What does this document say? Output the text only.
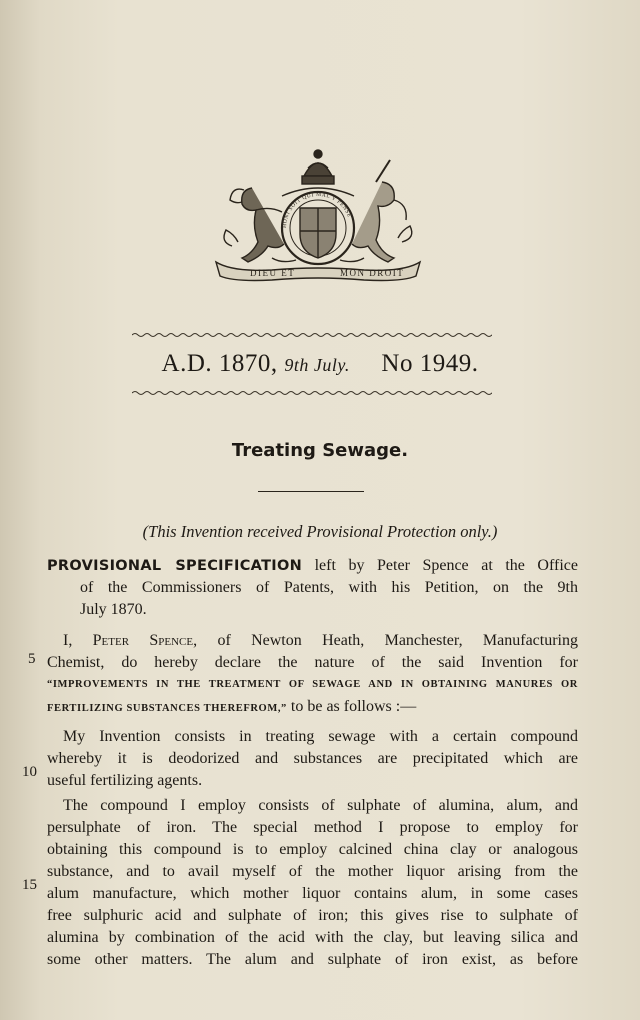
DIEU ET	MON DROIT
HONI SOIT QUI MAL Y PENSE
A.D. 1870, 9th July. No 1949.
Treating Sewage.
(This Invention received Provisional Protection only.)
PROVISIONAL SPECIFICATION left by Peter Spence at the Office
of the Commissioners of Patents, with his Petition, on the 9th
July 1870.
I, Peter Spence, of Newton Heath, Manchester, Manufacturing
Chemist, do hereby declare the nature of the said Invention for
“IMPROVEMENTS IN THE TREATMENT OF SEWAGE AND IN OBTAINING MANURES OR
FERTILIZING SUBSTANCES THEREFROM,” to be as follows :—
My Invention consists in treating sewage with a certain compound
whereby it is deodorized and substances are precipitated which are
useful fertilizing agents.
The compound I employ consists of sulphate of alumina, alum, and
persulphate of iron. The special method I propose to employ for
obtaining this compound is to employ calcined china clay or analogous
substance, and to avail myself of the mother liquor arising from the
alum manufacture, which mother liquor contains alum, in some cases
free sulphuric acid and sulphate of iron; this gives rise to sulphate of
alumina by combination of the acid with the clay, but leaving silica and
some other matters. The alum and sulphate of iron exist, as before
5
10
15
